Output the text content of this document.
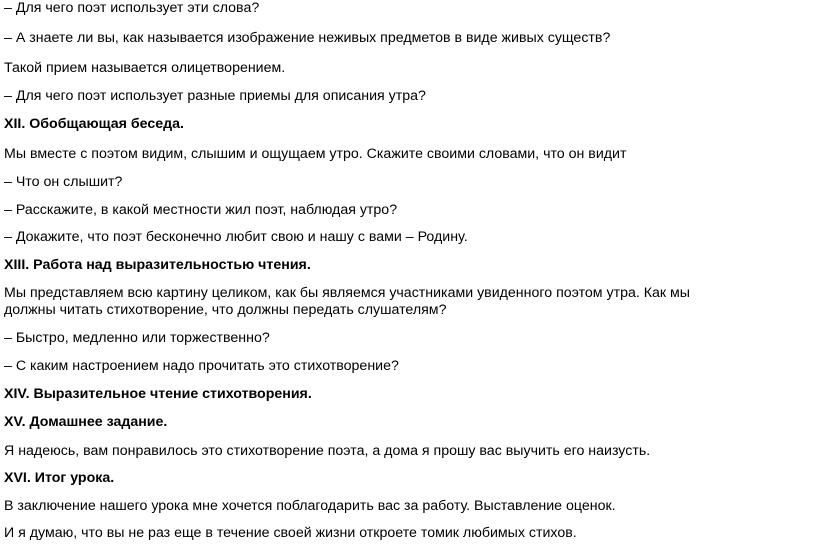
– Для чего поэт использует эти слова?
– А знаете ли вы, как называется изображение неживых предметов в виде живых существ?
Такой прием называется олицетворением.
– Для чего поэт использует разные приемы для описания утра?
XII. Обобщающая беседа.
Мы вместе с поэтом видим, слышим и ощущаем утро. Скажите своими словами, что он видит
– Что он слышит?
– Расскажите, в какой местности жил поэт, наблюдая утро?
– Докажите, что поэт бесконечно любит свою и нашу с вами – Родину.
XIII. Работа над выразительностью чтения.
Мы представляем всю картину целиком, как бы являемся участниками увиденного поэтом утра. Как мы
должны читать стихотворение, что должны передать слушателям?
– Быстро, медленно или торжественно?
– С каким настроением надо прочитать это стихотворение?
XIV. Выразительное чтение стихотворения.
XV. Домашнее задание.
Я надеюсь, вам понравилось это стихотворение поэта, а дома я прошу вас выучить его наизусть.
XVI. Итог урока.
В заключение нашего урока мне хочется поблагодарить вас за работу. Выставление оценок.
И я думаю, что вы не раз еще в течение своей жизни откроете томик любимых стихов.
